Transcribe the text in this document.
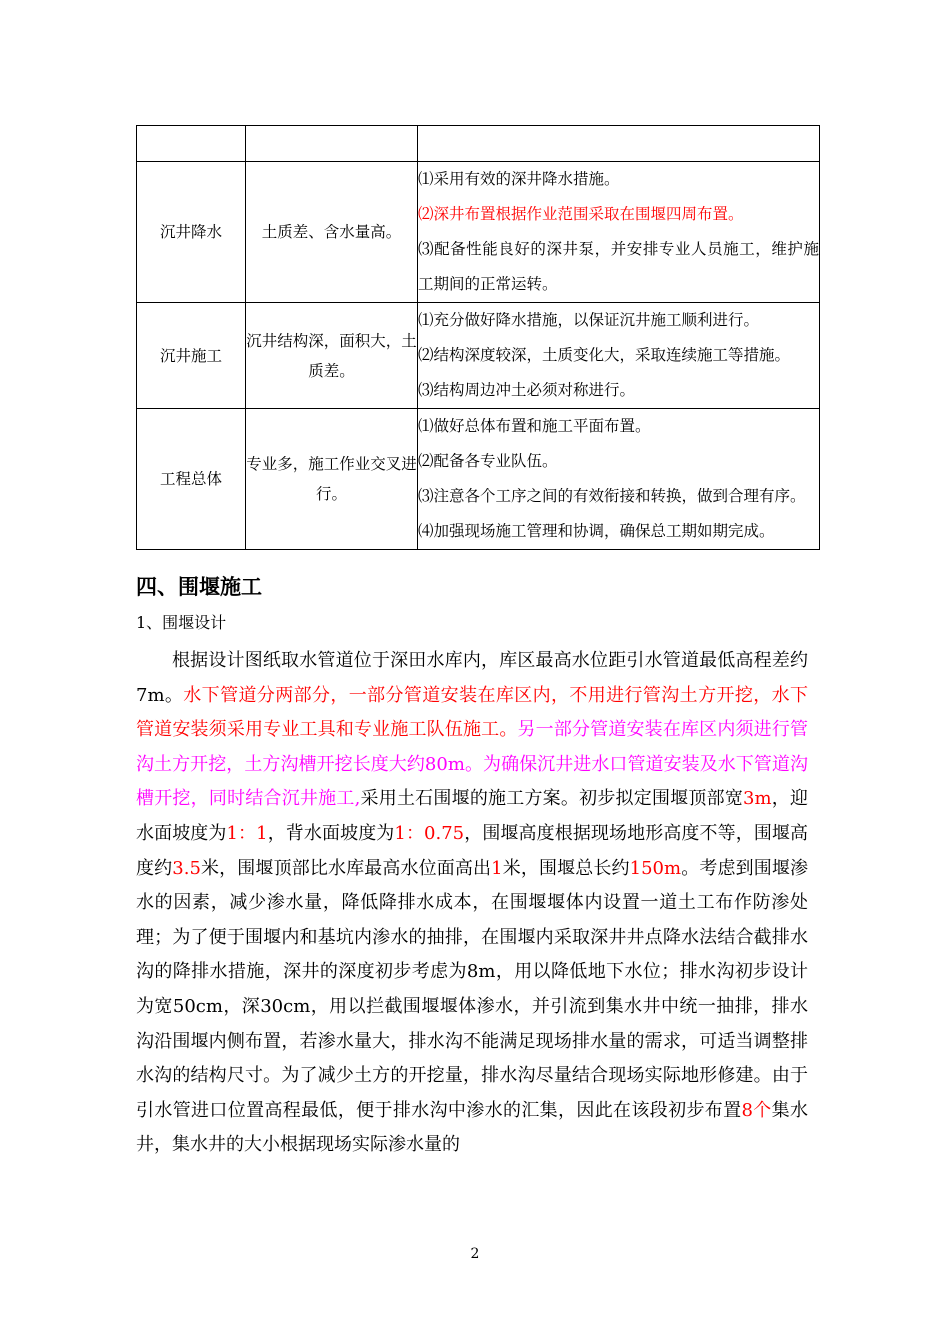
沉井降水	土质差、含水量高。	⑴采用有效的深井降水措施。
⑵深井布置根据作业范围采取在围堰四周布置。
⑶配备性能良好的深井泵，并安排专业人员施工，维护施工期间的正常运转。

沉井施工	沉井结构深，面积大，土质差。	⑴充分做好降水措施，以保证沉井施工顺利进行。
⑵结构深度较深，土质变化大，采取连续施工等措施。
⑶结构周边冲土必须对称进行。

工程总体	专业多，施工作业交叉进行。	⑴做好总体布置和施工平面布置。
⑵配备各专业队伍。
⑶注意各个工序之间的有效衔接和转换，做到合理有序。
⑷加强现场施工管理和协调，确保总工期如期完成。
四、围堰施工
1、围堰设计

根据设计图纸取水管道位于深田水库内，库区最高水位距引水管道最低高程差约7m。水下管道分两部分，一部分管道安装在库区内，不用进行管沟土方开挖，水下管道安装须采用专业工具和专业施工队伍施工。另一部分管道安装在库区内须进行管沟土方开挖，土方沟槽开挖长度大约80m。为确保沉井进水口管道安装及水下管道沟槽开挖，同时结合沉井施工,采用土石围堰的施工方案。初步拟定围堰顶部宽3m，迎水面坡度为1：1，背水面坡度为1：0.75，围堰高度根据现场地形高度不等，围堰高度约3.5米，围堰顶部比水库最高水位面高出1米，围堰总长约150m。考虑到围堰渗水的因素，减少渗水量，降低降排水成本，在围堰堰体内设置一道土工布作防渗处理；为了便于围堰内和基坑内渗水的抽排，在围堰内采取深井井点降水法结合截排水沟的降排水措施，深井的深度初步考虑为8m，用以降低地下水位；排水沟初步设计为宽50cm，深30cm，用以拦截围堰堰体渗水，并引流到集水井中统一抽排，排水沟沿围堰内侧布置，若渗水量大，排水沟不能满足现场排水量的需求，可适当调整排水沟的结构尺寸。为了减少土方的开挖量，排水沟尽量结合现场实际地形修建。由于引水管进口位置高程最低，便于排水沟中渗水的汇集，因此在该段初步布置8个集水井，集水井的大小根据现场实际渗水量的

2
